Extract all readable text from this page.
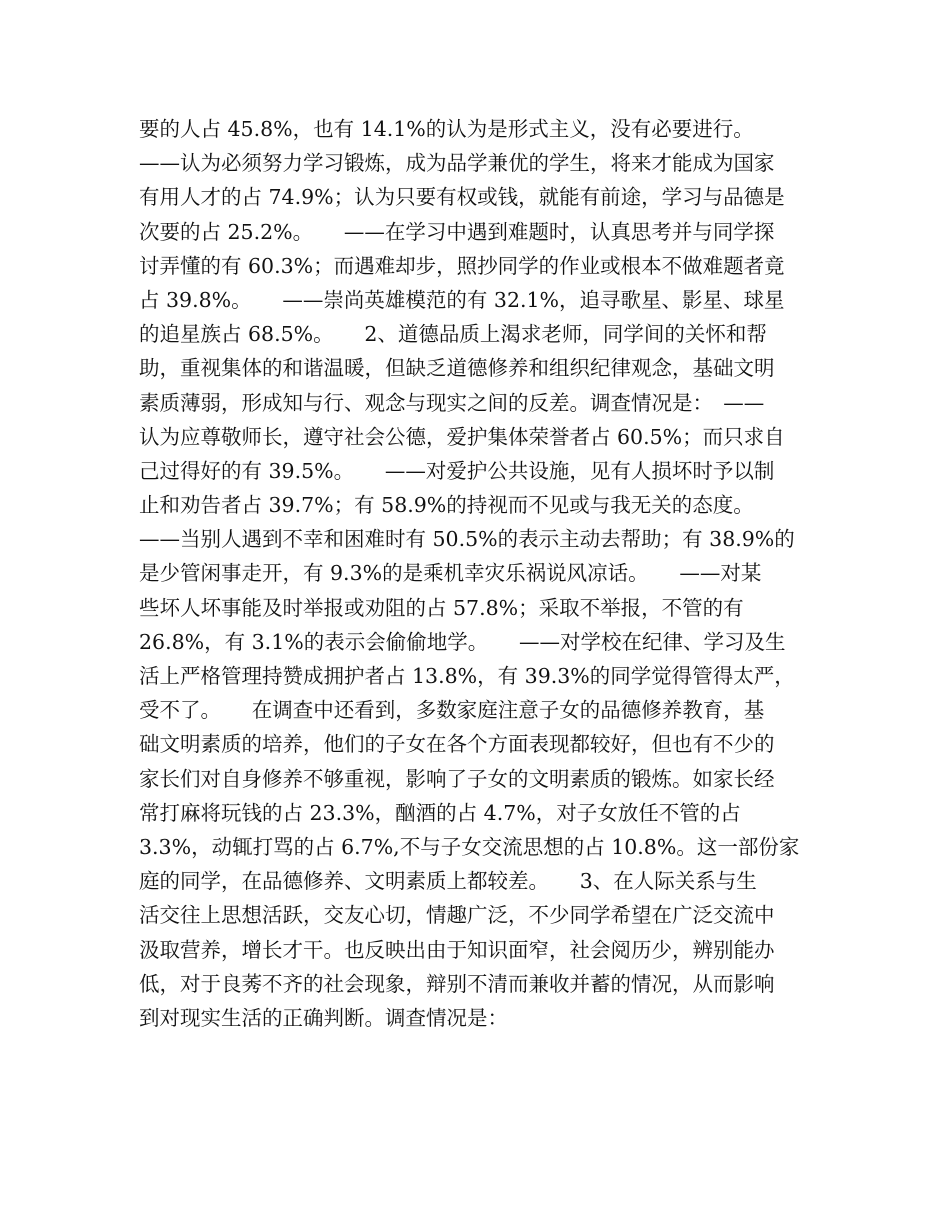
要的人占 45.8%，也有 14.1%的认为是形式主义，没有必要进行。
——认为必须努力学习锻炼，成为品学兼优的学生，将来才能成为国家
有用人才的占 74.9%；认为只要有权或钱，就能有前途，学习与品德是
次要的占 25.2%。　　——在学习中遇到难题时，认真思考并与同学探
讨弄懂的有 60.3%；而遇难却步，照抄同学的作业或根本不做难题者竟
占 39.8%。　　——崇尚英雄模范的有 32.1%，追寻歌星、影星、球星
的追星族占 68.5%。　　2、道德品质上渴求老师，同学间的关怀和帮
助，重视集体的和谐温暖，但缺乏道德修养和组织纪律观念，基础文明
素质薄弱，形成知与行、观念与现实之间的反差。调查情况是：　——
认为应尊敬师长，遵守社会公德，爱护集体荣誉者占 60.5%；而只求自
己过得好的有 39.5%。　　——对爱护公共设施，见有人损坏时予以制
止和劝告者占 39.7%；有 58.9%的持视而不见或与我无关的态度。
——当别人遇到不幸和困难时有 50.5%的表示主动去帮助；有 38.9%的
是少管闲事走开，有 9.3%的是乘机幸灾乐祸说风凉话。　　——对某
些坏人坏事能及时举报或劝阻的占 57.8%；采取不举报，不管的有
26.8%，有 3.1%的表示会偷偷地学。　　——对学校在纪律、学习及生
活上严格管理持赞成拥护者占 13.8%，有 39.3%的同学觉得管得太严，
受不了。　　在调查中还看到，多数家庭注意子女的品德修养教育，基
础文明素质的培养，他们的子女在各个方面表现都较好，但也有不少的
家长们对自身修养不够重视，影响了子女的文明素质的锻炼。如家长经
常打麻将玩钱的占 23.3%，酗酒的占 4.7%，对子女放任不管的占
3.3%，动辄打骂的占 6.7%,不与子女交流思想的占 10.8%。这一部份家
庭的同学，在品德修养、文明素质上都较差。　　3、在人际关系与生
活交往上思想活跃，交友心切，情趣广泛，不少同学希望在广泛交流中
汲取营养，增长才干。也反映出由于知识面窄，社会阅历少，辨别能办
低，对于良莠不齐的社会现象，辩别不清而兼收并蓄的情况，从而影响
到对现实生活的正确判断。调查情况是：
